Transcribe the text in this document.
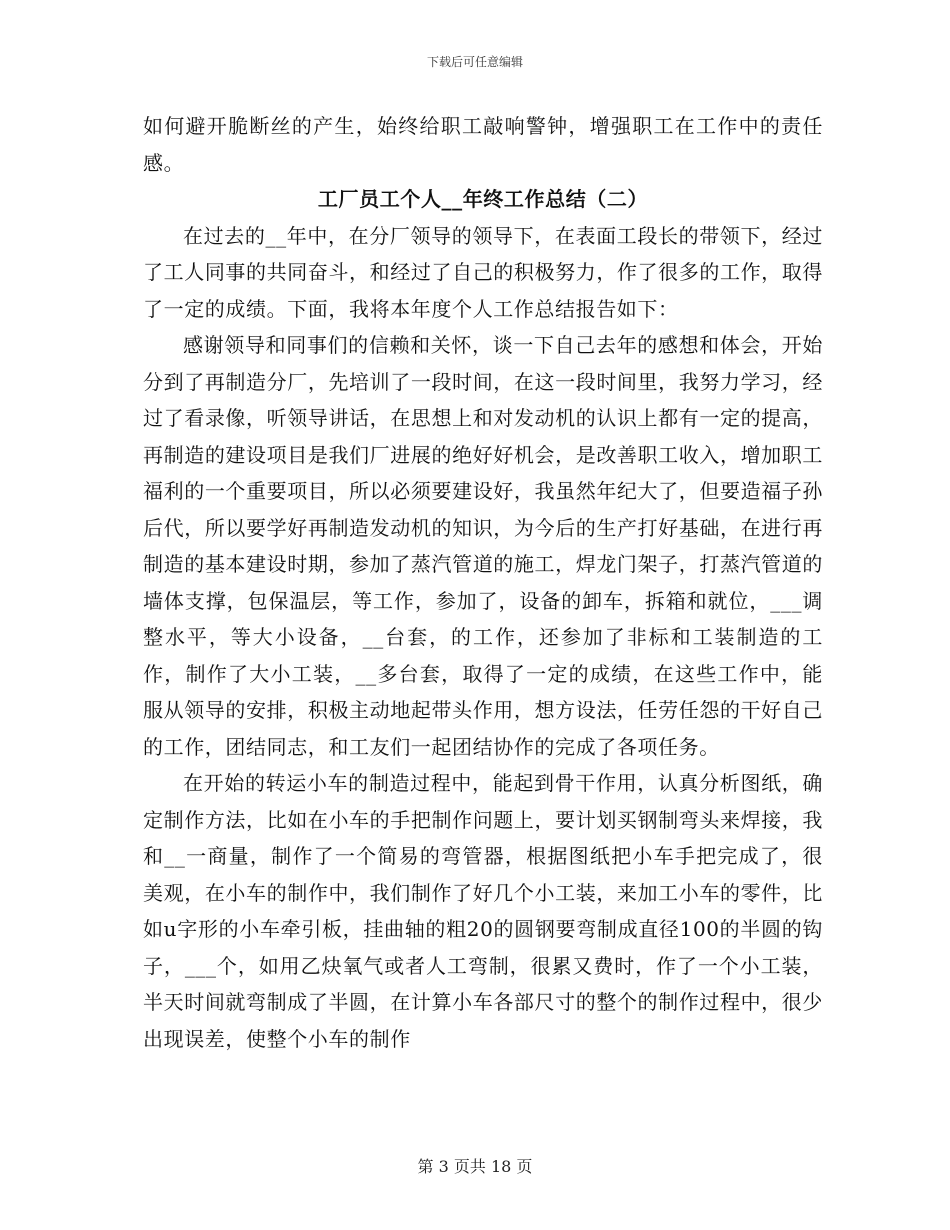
下载后可任意编辑

如何避开脆断丝的产生，始终给职工敲响警钟，增强职工在工作中的责任感。

工厂员工个人__年终工作总结（二）

在过去的__年中，在分厂领导的领导下，在表面工段长的带领下，经过了工人同事的共同奋斗，和经过了自己的积极努力，作了很多的工作，取得了一定的成绩。下面，我将本年度个人工作总结报告如下：

感谢领导和同事们的信赖和关怀，谈一下自己去年的感想和体会，开始分到了再制造分厂，先培训了一段时间，在这一段时间里，我努力学习，经过了看录像，听领导讲话，在思想上和对发动机的认识上都有一定的提高，再制造的建设项目是我们厂进展的绝好好机会，是改善职工收入，增加职工福利的一个重要项目，所以必须要建设好，我虽然年纪大了，但要造福子孙后代，所以要学好再制造发动机的知识，为今后的生产打好基础，在进行再制造的基本建设时期，参加了蒸汽管道的施工，焊龙门架子，打蒸汽管道的墙体支撑，包保温层，等工作，参加了，设备的卸车，拆箱和就位，___调整水平，等大小设备，__台套，的工作，还参加了非标和工装制造的工作，制作了大小工装，__多台套，取得了一定的成绩，在这些工作中，能服从领导的安排，积极主动地起带头作用，想方设法，任劳任怨的干好自己的工作，团结同志，和工友们一起团结协作的完成了各项任务。

在开始的转运小车的制造过程中，能起到骨干作用，认真分析图纸，确定制作方法，比如在小车的手把制作问题上，要计划买钢制弯头来焊接，我和__一商量，制作了一个简易的弯管器，根据图纸把小车手把完成了，很美观，在小车的制作中，我们制作了好几个小工装，来加工小车的零件，比如u字形的小车牵引板，挂曲轴的粗20的圆钢要弯制成直径100的半圆的钩子，___个，如用乙炔氧气或者人工弯制，很累又费时，作了一个小工装，半天时间就弯制成了半圆，在计算小车各部尺寸的整个的制作过程中，很少出现误差，使整个小车的制作

第 3 页共 18 页
